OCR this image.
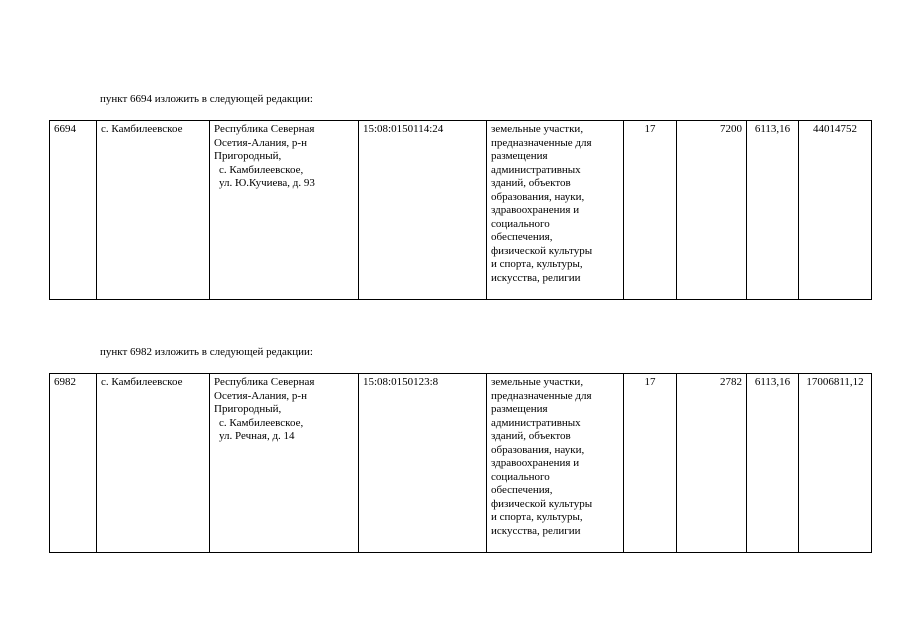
пункт 6694 изложить в следующей редакции:
6694	с. Камбилеевское	Республика Северная
Осетия-Алания, р-н
Пригородный,
с. Камбилеевское,
ул. Ю.Кучиева, д. 93
	15:08:0150114:24	земельные участки,
предназначенные для
размещения
административных
зданий, объектов
образования, науки,
здравоохранения и
социального
обеспечения,
физической культуры
и спорта, культуры,
искусства, религии
	17	7200	6113,16	44014752
пункт 6982 изложить в следующей редакции:
6982	с. Камбилеевское	Республика Северная
Осетия-Алания, р-н
Пригородный,
с. Камбилеевское,
ул. Речная, д. 14
	15:08:0150123:8	земельные участки,
предназначенные для
размещения
административных
зданий, объектов
образования, науки,
здравоохранения и
социального
обеспечения,
физической культуры
и спорта, культуры,
искусства, религии
	17	2782	6113,16	17006811,12
